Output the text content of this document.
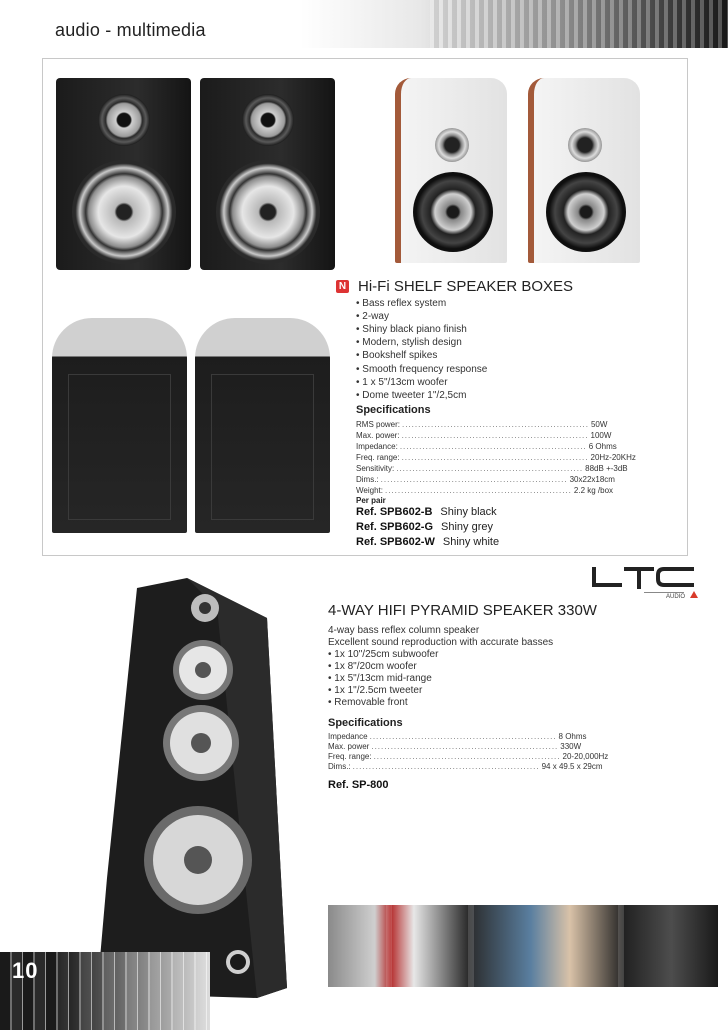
audio - multimedia
N Hi-Fi SHELF SPEAKER BOXES
• Bass reflex system
• 2-way
• Shiny black piano finish
• Modern, stylish design
• Bookshelf spikes
• Smooth frequency response
• 1 x 5"/13cm woofer
• Dome tweeter 1"/2,5cm
Specifications
RMS power: .......................................................... 50W
Max. power: .......................................................... 100W
Impedance: .......................................................... 6 Ohms
Freq. range: .......................................................... 20Hz-20KHz
Sensitivity: .......................................................... 88dB +-3dB
Dims.: .......................................................... 30x22x18cm
Weight: .......................................................... 2.2 kg /box
Per pair
Ref. SPB602-B Shiny black
Ref. SPB602-G Shiny grey
Ref. SPB602-W Shiny white
AUDIO
4-WAY HIFI PYRAMID SPEAKER 330W
4-way bass reflex column speaker
Excellent sound reproduction with accurate basses
• 1x 10"/25cm subwoofer
• 1x 8"/20cm woofer
• 1x 5"/13cm mid-range
• 1x 1"/2.5cm tweeter
• Removable front
Specifications
Impedance .......................................................... 8 Ohms
Max. power .......................................................... 330W
Freq. range: .......................................................... 20-20,000Hz
Dims.: .......................................................... 94 x 49.5 x 29cm
Ref. SP-800
10
